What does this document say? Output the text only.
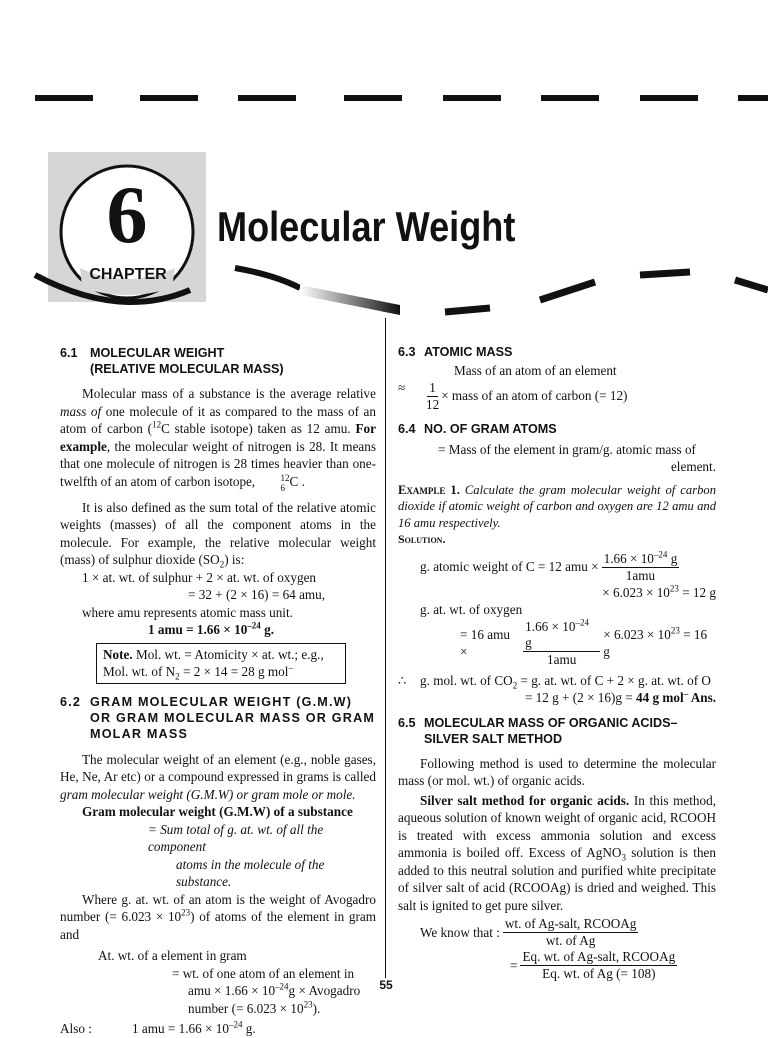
6
CHAPTER
Molecular Weight
6.1 MOLECULAR WEIGHT
(RELATIVE MOLECULAR MASS)

Molecular mass of a substance is the average relative mass of one molecule of it as compared to the mass of an atom of carbon ($^{12}$C stable isotope) taken as 12 amu. For example, the molecular weight of nitrogen is 28. It means that one molecule of nitrogen is 28 times heavier than one-twelfth of an atom of carbon isotope,	12
6 C .

It is also defined as the sum total of the relative atomic weights (masses) of all the component atoms in the molecule. For example, the relative molecular weight (mass) of sulphur dioxide $(SO_2)$ is:

1 × at. wt. of sulphur + 2 × at. wt. of oxygen

= 32 + (2 × 16) = 64 amu,

where amu represents atomic mass unit.

1 amu = $1.66 \times 10^{-24}$ g.

Note. Mol. wt. = Atomicity × at. wt.; e.g.,

Mol. wt. of $N_2 = 2 \times 14 = 28$ g mol–

6.2 GRAM MOLECULAR WEIGHT (G.M.W)
OR GRAM MOLECULAR MASS OR GRAM
MOLAR MASS

The molecular weight of an element (e.g., noble gases, He, Ne, Ar etc) or a compound expressed in grams is called gram molecular weight (G.M.W) or gram mole or mole.

Gram molecular weight (G.M.W) of a substance

= Sum total of g. at. wt. of all the component

atoms in the molecule of the substance.

Where g. at. wt. of an atom is the weight of Avogadro number (= $6.023 \times 10^{23}$) of atoms of the element in gram and

At. wt. of a element in gram

= wt. of one atom of an element in

amu × $1.66 \times 10^{-24}g$ × Avogadro

number (= $6.023 \times 10^{23}$).

Also :	1 amu = $1.66 \times 10^{-24}$ g.

6.3 ATOMIC MASS
≈
Mass of an atom of an element
$\frac{1}{12}$ × mass of an atom of carbon (= 12)
6.4 NO. OF GRAM ATOMS

= Mass of the element in gram/g. atomic mass of

element.

Example 1. Calculate the gram molecular weight of carbon dioxide if atomic weight of carbon and oxygen are 12 amu and 16 amu respectively.

Solution.

g. atomic weight of C = 12 amu × $\frac{1.66 \times 10^{-24} g}{\text{1amu}}$

× $6.023 \times 10^{23} = 12$ g

g. at. wt. of oxygen

= 16 amu ×	$\frac{1.66 \times 10^{-24} g}{\text{1amu}} \times 6.023 \times 10^{23} = 16$ g

∴	g. mol. wt. of $CO_2 = g$. at. wt. of C + 2 × g. at. wt. of O

= 12 g + (2 × 16)g = 44 g mol– Ans.

6.5 MOLECULAR MASS OF ORGANIC ACIDS–
SILVER SALT METHOD

Following method is used to determine the molecular mass (or mol. wt.) of organic acids.

Silver salt method for organic acids. In this method, aqueous solution of known weight of organic acid, RCOOH is treated with excess ammonia solution and excess ammonia is boiled off. Excess of AgNO$_3$ solution is then added to this neutral solution and purified white precipitate of silver salt of acid (RCOOAg) is dried and weighed. This salt is ignited to get pure silver.

We know that : $\frac{\text{wt. of Ag-salt, RCOOAg}}{\text{wt. of Ag}}$
= $\frac{\text{Eq. wt. of Ag-salt, RCOOAg}}{\text{Eq. wt. of Ag (= 108)}}$
55
